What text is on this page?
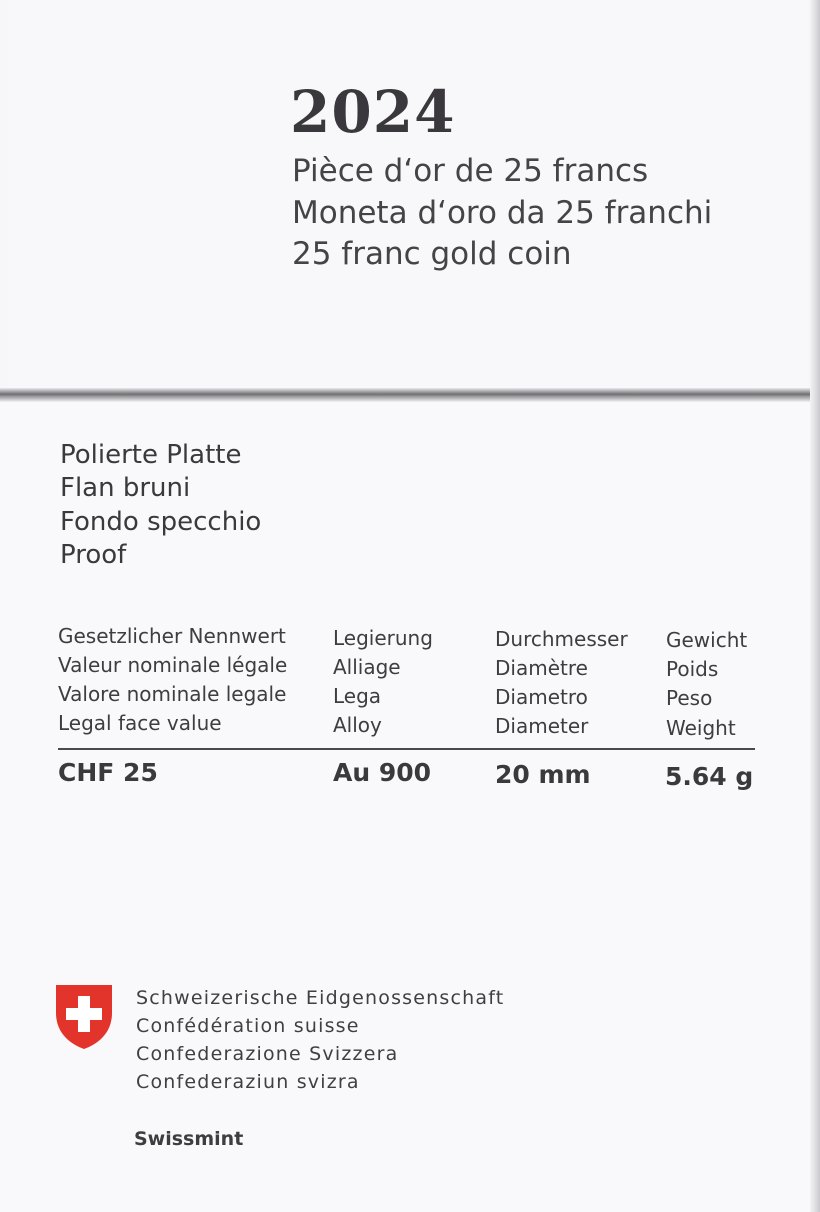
2024
Pièce d‘or de 25 francs
Moneta d‘oro da 25 franchi
25 franc gold coin
Polierte Platte
Flan bruni
Fondo specchio
Proof
Gesetzlicher Nennwert
Valeur nominale légale
Valore nominale legale
Legal face value
CHF 25
Legierung
Alliage
Lega
Alloy
Au 900
Durchmesser
Diamètre
Diametro
Diameter
20 mm
Gewicht
Poids
Peso
Weight
5.64 g
Schweizerische Eidgenossenschaft
Confédération suisse
Confederazione Svizzera
Confederaziun svizra
Swissmint
